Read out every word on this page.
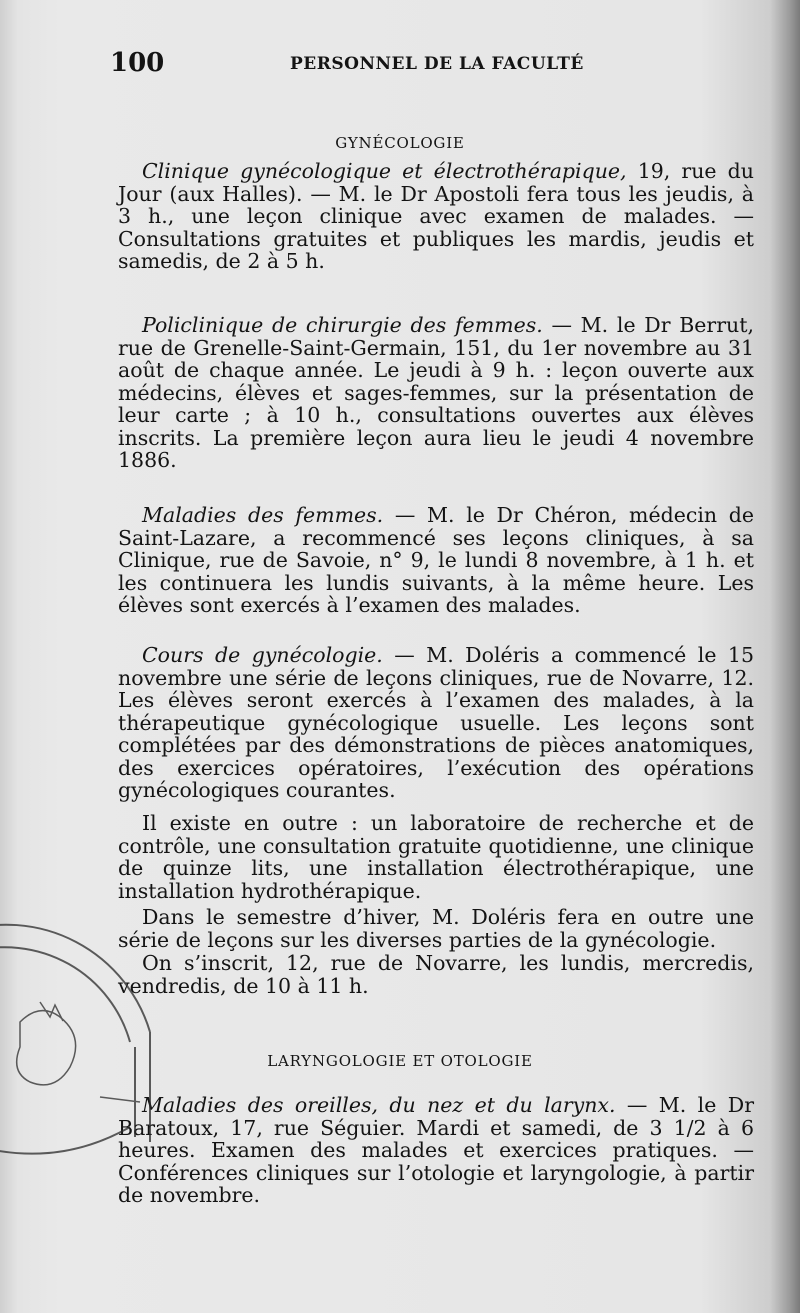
100	PERSONNEL DE LA FACULTÉ
GYNÉCOLOGIE

Clinique gynécologique et électrothérapique, 19, rue du Jour (aux Halles). — M. le Dr Apostoli fera tous les jeudis, à 3 h., une leçon clinique avec examen de malades. — Consultations gratuites et publiques les mardis, jeudis et samedis, de 2 à 5 h.

Policlinique de chirurgie des femmes. — M. le Dr Berrut, rue de Grenelle-Saint-Germain, 151, du 1er novembre au 31 août de chaque année. Le jeudi à 9 h. : leçon ouverte aux médecins, élèves et sages-femmes, sur la présentation de leur carte ; à 10 h., consultations ouvertes aux élèves inscrits. La première leçon aura lieu le jeudi 4 novembre 1886.

Maladies des femmes. — M. le Dr Chéron, médecin de Saint-Lazare, a recommencé ses leçons cliniques, à sa Clinique, rue de Savoie, n° 9, le lundi 8 novembre, à 1 h. et les continuera les lundis suivants, à la même heure. Les élèves sont exercés à l’examen des malades.

Cours de gynécologie. — M. Doléris a commencé le 15 novembre une série de leçons cliniques, rue de Novarre, 12. Les élèves seront exercés à l’examen des malades, à la thérapeutique gynécologique usuelle. Les leçons sont complétées par des démonstrations de pièces anatomiques, des exercices opératoires, l’exécution des opérations gynécologiques courantes.

Il existe en outre : un laboratoire de recherche et de contrôle, une consultation gratuite quotidienne, une clinique de quinze lits, une installation électrothérapique, une installation hydrothérapique.

Dans le semestre d’hiver, M. Doléris fera en outre une série de leçons sur les diverses parties de la gynécologie.

On s’inscrit, 12, rue de Novarre, les lundis, mercredis, vendredis, de 10 à 11 h.

LARYNGOLOGIE ET OTOLOGIE

Maladies des oreilles, du nez et du larynx. — M. le Dr Baratoux, 17, rue Séguier. Mardi et samedi, de 3 1/2 à 6 heures. Examen des malades et exercices pratiques. — Conférences cliniques sur l’otologie et laryngologie, à partir de novembre.
